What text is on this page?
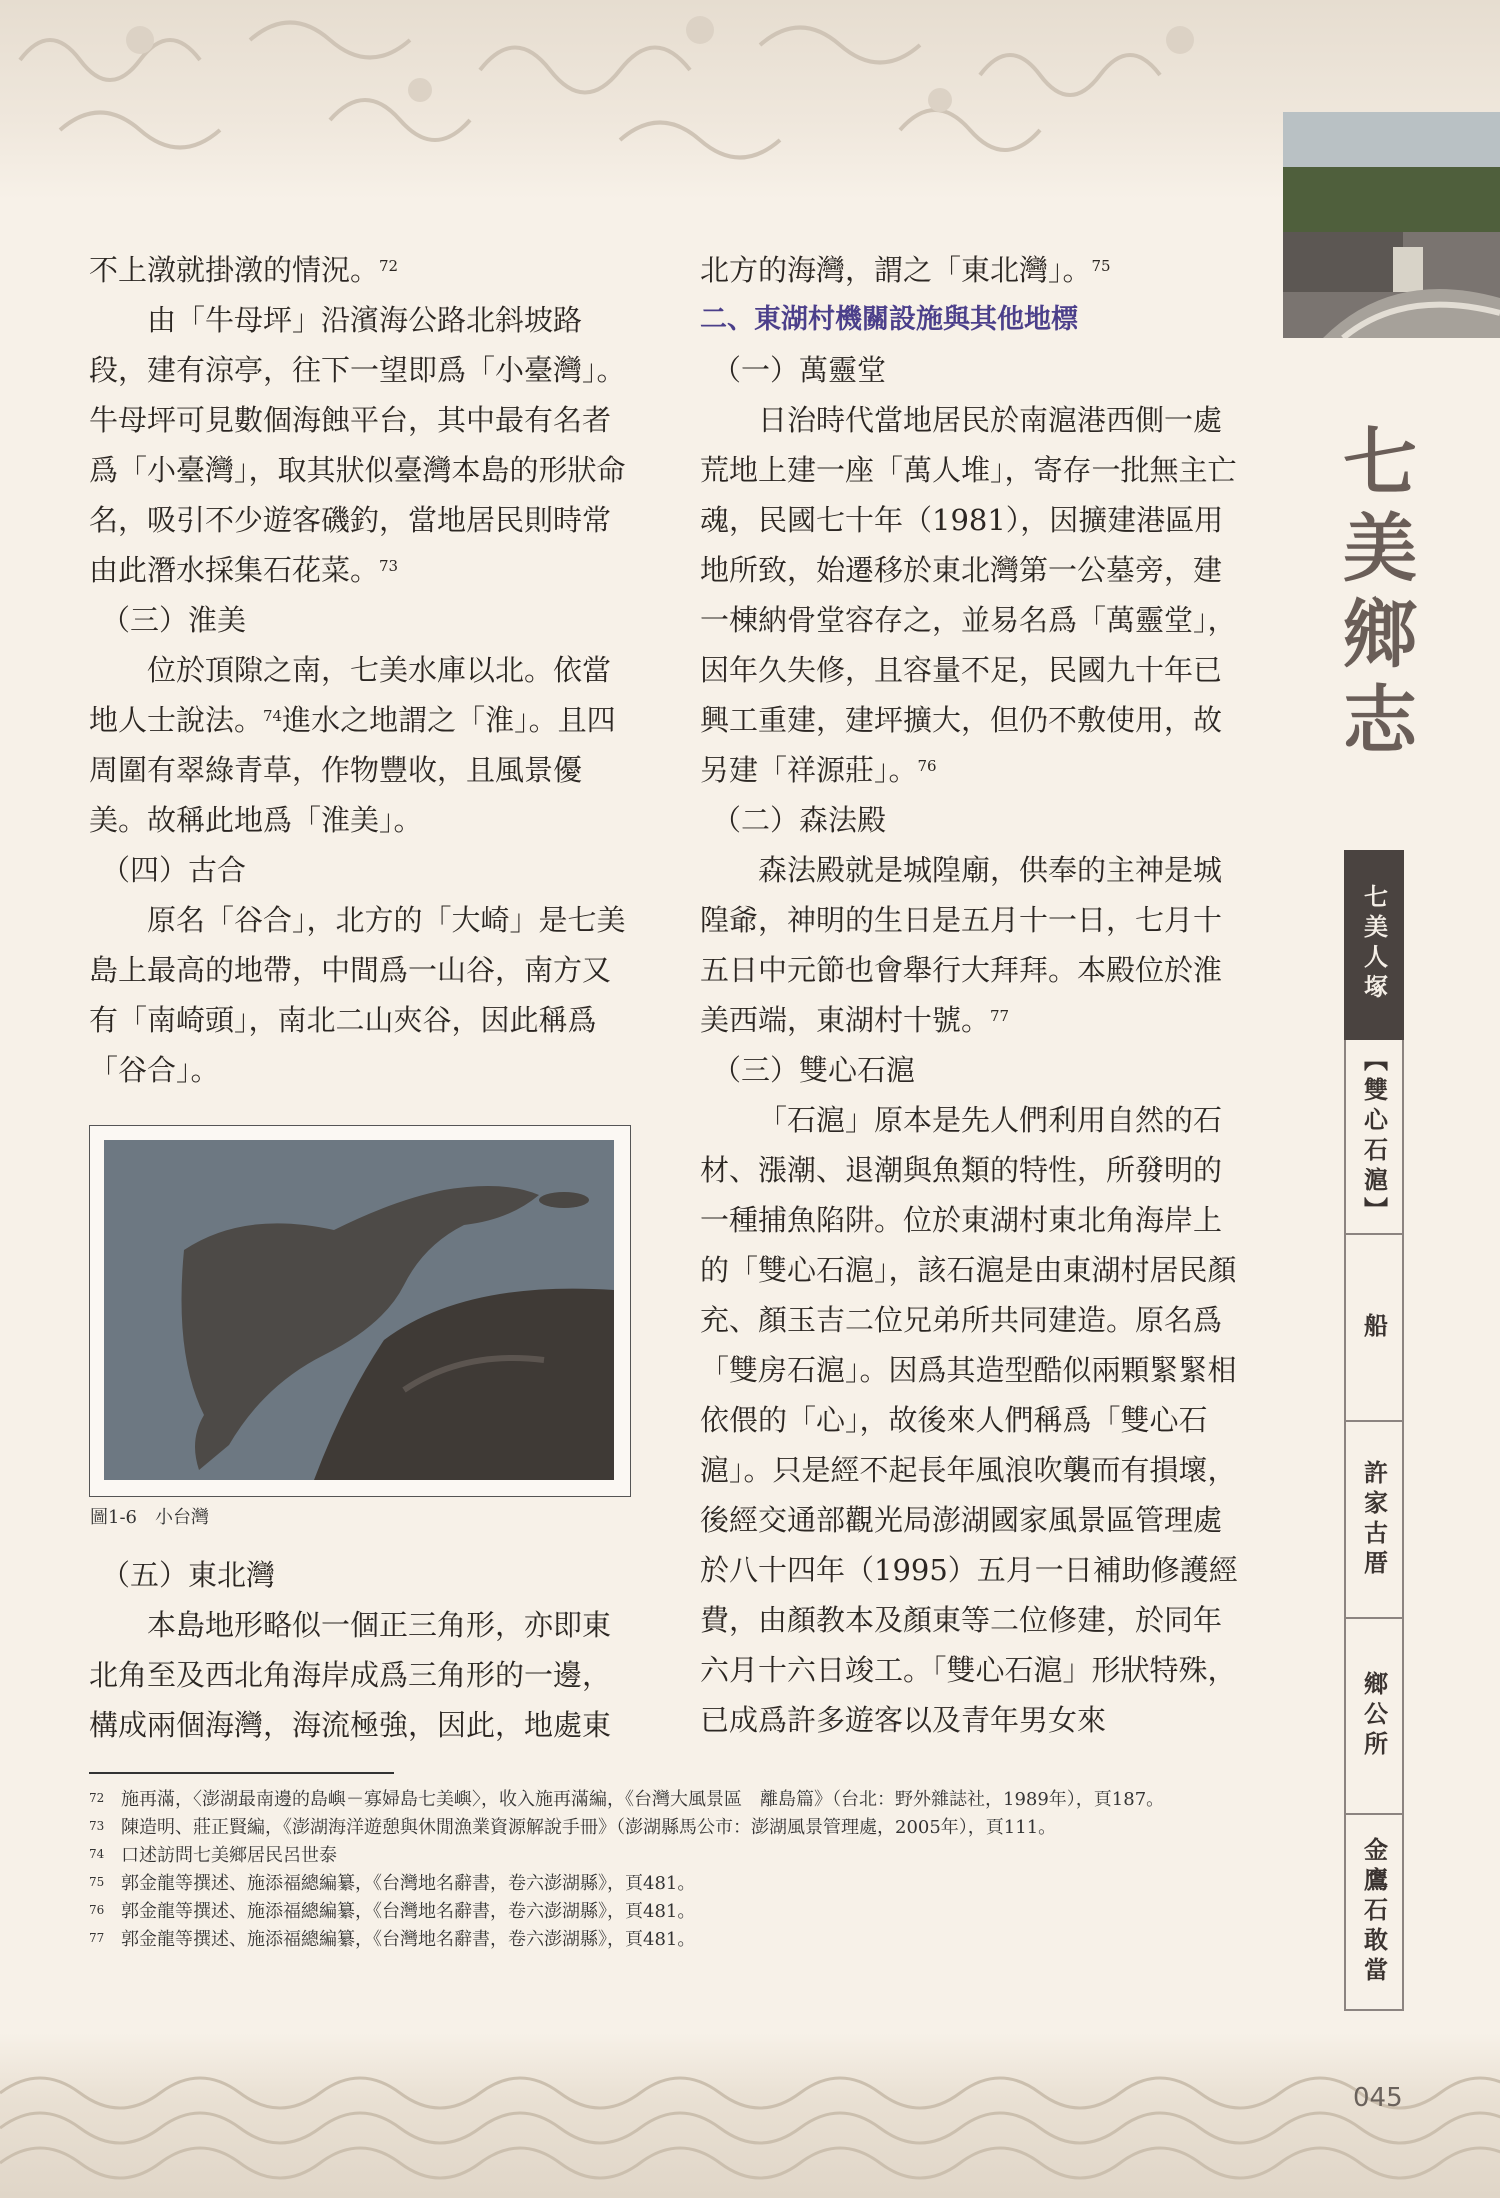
七美鄉志
七美人塚
【雙心石滬】
船
許家古厝
鄉公所
金鷹石敢當

不上潡就掛潡的情況。$^{72}$

由「牛母坪」沿濱海公路北斜坡路段，建有涼亭，往下一望即爲「小臺灣」。牛母坪可見數個海蝕平台，其中最有名者爲「小臺灣」，取其狀似臺灣本島的形狀命名，吸引不少遊客磯釣，當地居民則時常由此潛水採集石花菜。$^{73}$

（三）淮美

位於頂隙之南，七美水庫以北。依當地人士說法。$^{74}$進水之地謂之「淮」。且四周圍有翠綠青草，作物豐收，且風景優美。故稱此地爲「淮美」。

（四）古合

原名「谷合」，北方的「大崎」是七美島上最高的地帶，中間爲一山谷，南方又有「南崎頭」，南北二山夾谷，因此稱爲「谷合」。

圖1-6　小台灣

（五）東北灣

本島地形略似一個正三角形，亦即東北角至及西北角海岸成爲三角形的一邊，構成兩個海灣，海流極強，因此，地處東

北方的海灣，謂之「東北灣」。$^{75}$

二、東湖村機關設施與其他地標

（一）萬靈堂

日治時代當地居民於南滬港西側一處荒地上建一座「萬人堆」，寄存一批無主亡魂，民國七十年（1981），因擴建港區用地所致，始遷移於東北灣第一公墓旁，建一棟納骨堂容存之，並易名爲「萬靈堂」，因年久失修，且容量不足，民國九十年已興工重建，建坪擴大，但仍不敷使用，故另建「祥源莊」。$^{76}$

（二）森法殿

森法殿就是城隍廟，供奉的主神是城隍爺，神明的生日是五月十一日，七月十五日中元節也會舉行大拜拜。本殿位於淮美西端，東湖村十號。$^{77}$

（三）雙心石滬

「石滬」原本是先人們利用自然的石材、漲潮、退潮與魚類的特性，所發明的一種捕魚陷阱。位於東湖村東北角海岸上的「雙心石滬」，該石滬是由東湖村居民顏充、顏玉吉二位兄弟所共同建造。原名爲「雙房石滬」。因爲其造型酷似兩顆緊緊相依偎的「心」，故後來人們稱爲「雙心石滬」。只是經不起長年風浪吹襲而有損壞，後經交通部觀光局澎湖國家風景區管理處於八十四年（1995）五月一日補助修護經費，由顏教本及顏東等二位修建，於同年六月十六日竣工。「雙心石滬」形狀特殊，已成爲許多遊客以及青年男女來

72 施再滿，〈澎湖最南邊的島嶼－寡婦島七美嶼〉，收入施再滿編，《台灣大風景區　離島篇》（台北：野外雜誌社，1989年），頁187。
73 陳造明、莊正賢編，《澎湖海洋遊憩與休閒漁業資源解說手冊》（澎湖縣馬公市：澎湖風景管理處，2005年），頁111。
74 口述訪問七美鄉居民呂世泰
75 郭金龍等撰述、施添福總編纂，《台灣地名辭書，卷六澎湖縣》，頁481。
76 郭金龍等撰述、施添福總編纂，《台灣地名辭書，卷六澎湖縣》，頁481。
77 郭金龍等撰述、施添福總編纂，《台灣地名辭書，卷六澎湖縣》，頁481。
045
